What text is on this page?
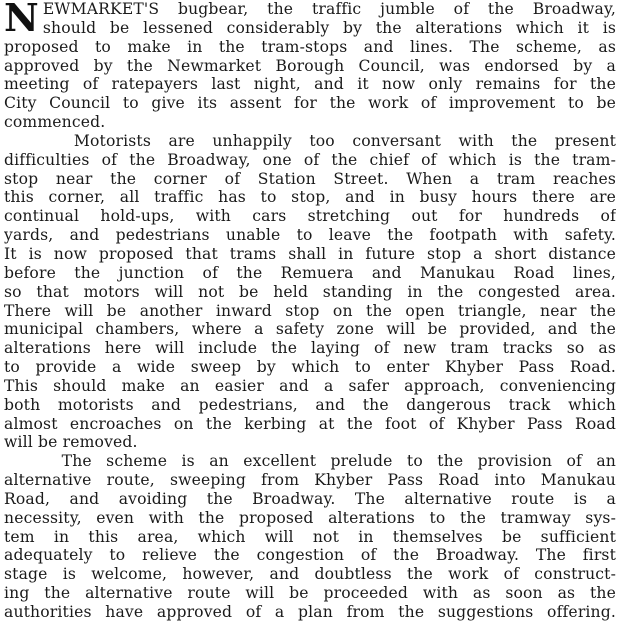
N EWMARKET'S bugbear, the traffic jumble of the Broadway,
should be lessened considerably by the alterations which it is
proposed to make in the tram-stops and lines. The scheme, as
approved by the Newmarket Borough Council, was endorsed by a
meeting of ratepayers last night, and it now only remains for the
City Council to give its assent for the work of improvement to be
commenced.
Motorists are unhappily too conversant with the present
difficulties of the Broadway, one of the chief of which is the tram-
stop near the corner of Station Street. When a tram reaches
this corner, all traffic has to stop, and in busy hours there are
continual hold-ups, with cars stretching out for hundreds of
yards, and pedestrians unable to leave the footpath with safety.
It is now proposed that trams shall in future stop a short distance
before the junction of the Remuera and Manukau Road lines,
so that motors will not be held standing in the congested area.
There will be another inward stop on the open triangle, near the
municipal chambers, where a safety zone will be provided, and the
alterations here will include the laying of new tram tracks so as
to provide a wide sweep by which to enter Khyber Pass Road.
This should make an easier and a safer approach, conveniencing
both motorists and pedestrians, and the dangerous track which
almost encroaches on the kerbing at the foot of Khyber Pass Road
will be removed.
The scheme is an excellent prelude to the provision of an
alternative route, sweeping from Khyber Pass Road into Manukau
Road, and avoiding the Broadway. The alternative route is a
necessity, even with the proposed alterations to the tramway sys-
tem in this area, which will not in themselves be sufficient
adequately to relieve the congestion of the Broadway. The first
stage is welcome, however, and doubtless the work of construct-
ing the alternative route will be proceeded with as soon as the
authorities have approved of a plan from the suggestions offering.
